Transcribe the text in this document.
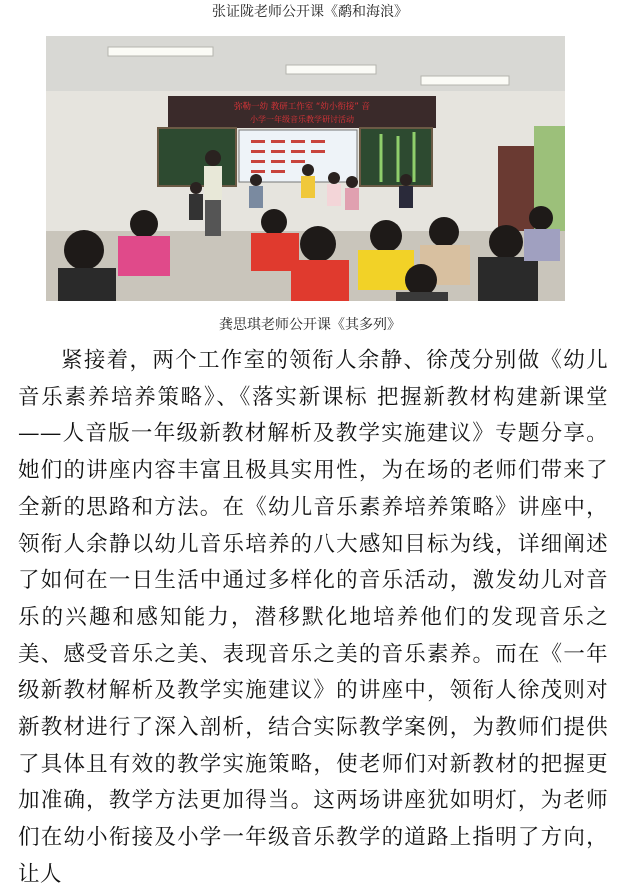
张证陇老师公开课《鹬和海浪》
弥勒一幼 教研工作室 “幼小衔接” 音
小学一年级音乐教学研讨活动
龚思琪老师公开课《其多列》

紧接着，两个工作室的领衔人余静、徐茂分别做《幼儿音乐素养培养策略》、《落实新课标 把握新教材构建新课堂——人音版一年级新教材解析及教学实施建议》专题分享。她们的讲座内容丰富且极具实用性，为在场的老师们带来了全新的思路和方法。在《幼儿音乐素养培养策略》讲座中，领衔人余静以幼儿音乐培养的八大感知目标为线，详细阐述了如何在一日生活中通过多样化的音乐活动，激发幼儿对音乐的兴趣和感知能力，潜移默化地培养他们的发现音乐之美、感受音乐之美、表现音乐之美的音乐素养。而在《一年级新教材解析及教学实施建议》的讲座中，领衔人徐茂则对新教材进行了深入剖析，结合实际教学案例，为教师们提供了具体且有效的教学实施策略，使老师们对新教材的把握更加准确，教学方法更加得当。这两场讲座犹如明灯，为老师们在幼小衔接及小学一年级音乐教学的道路上指明了方向，让人
